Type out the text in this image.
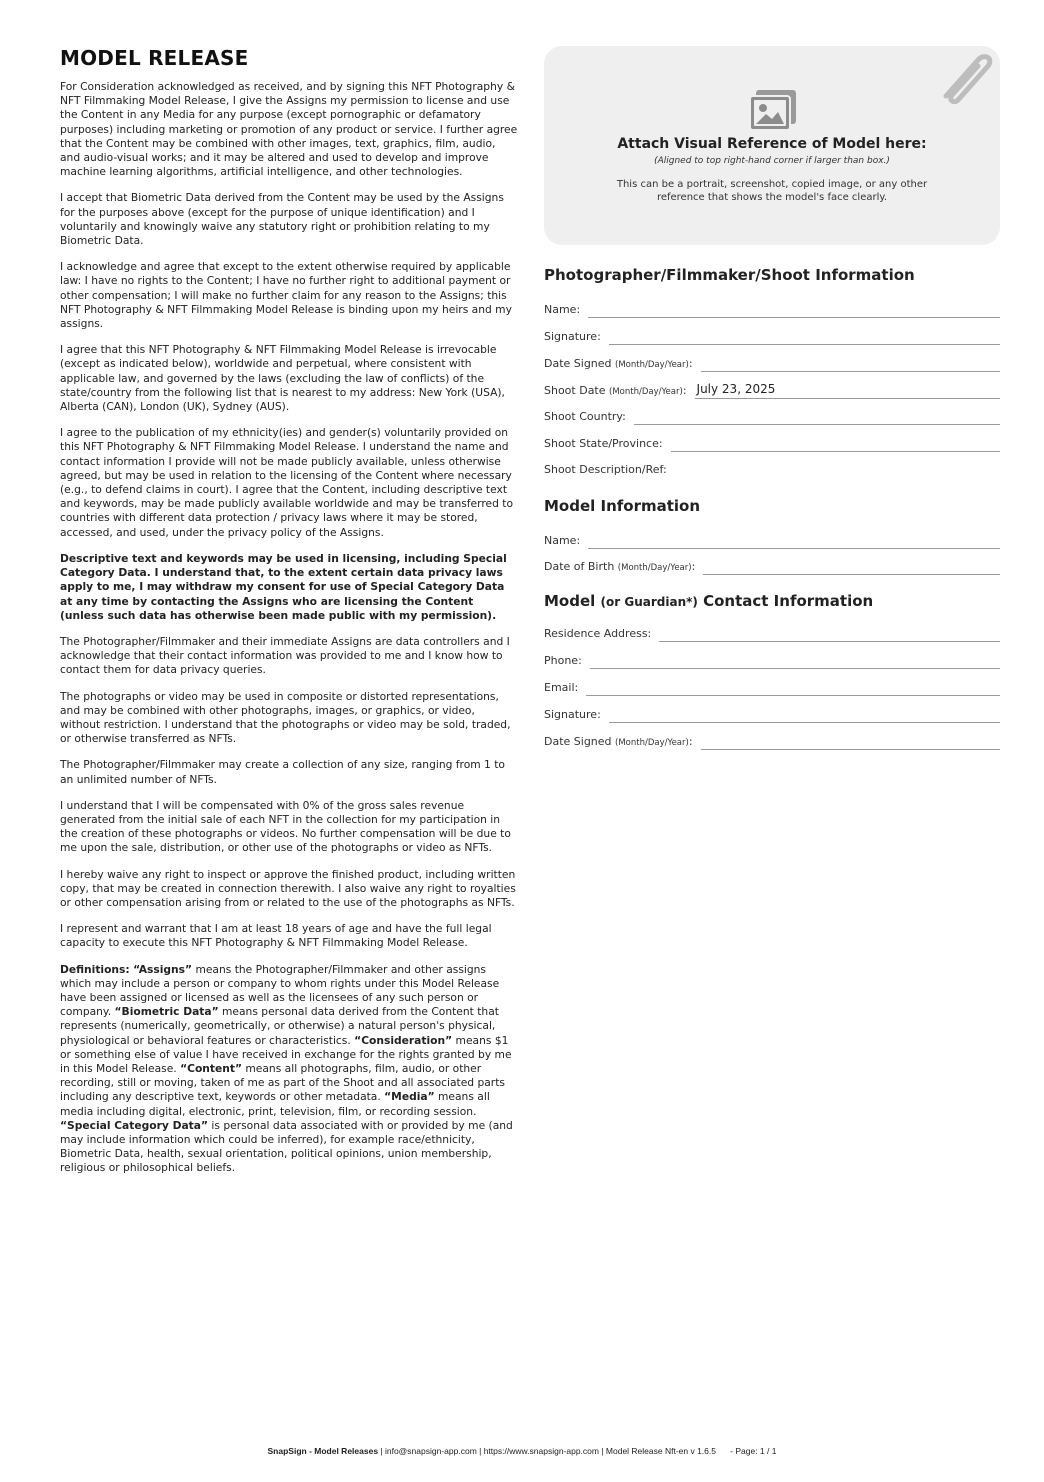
MODEL RELEASE

For Consideration acknowledged as received, and by signing this NFT Photography & NFT Filmmaking Model Release, I give the Assigns my permission to license and use the Content in any Media for any purpose (except pornographic or defamatory purposes) including marketing or promotion of any product or service. I further agree that the Content may be combined with other images, text, graphics, film, audio, and audio-visual works; and it may be altered and used to develop and improve machine learning algorithms, artificial intelligence, and other technologies.

I accept that Biometric Data derived from the Content may be used by the Assigns for the purposes above (except for the purpose of unique identification) and I voluntarily and knowingly waive any statutory right or prohibition relating to my Biometric Data.

I acknowledge and agree that except to the extent otherwise required by applicable law: I have no rights to the Content; I have no further right to additional payment or other compensation; I will make no further claim for any reason to the Assigns; this NFT Photography & NFT Filmmaking Model Release is binding upon my heirs and my assigns.

I agree that this NFT Photography & NFT Filmmaking Model Release is irrevocable (except as indicated below), worldwide and perpetual, where consistent with applicable law, and governed by the laws (excluding the law of conflicts) of the state/country from the following list that is nearest to my address: New York (USA), Alberta (CAN), London (UK), Sydney (AUS).

I agree to the publication of my ethnicity(ies) and gender(s) voluntarily provided on this NFT Photography & NFT Filmmaking Model Release. I understand the name and contact information I provide will not be made publicly available, unless otherwise agreed, but may be used in relation to the licensing of the Content where necessary (e.g., to defend claims in court). I agree that the Content, including descriptive text and keywords, may be made publicly available worldwide and may be transferred to countries with different data protection / privacy laws where it may be stored, accessed, and used, under the privacy policy of the Assigns.

Descriptive text and keywords may be used in licensing, including Special Category Data. I understand that, to the extent certain data privacy laws apply to me, I may withdraw my consent for use of Special Category Data at any time by contacting the Assigns who are licensing the Content (unless such data has otherwise been made public with my permission).

The Photographer/Filmmaker and their immediate Assigns are data controllers and I acknowledge that their contact information was provided to me and I know how to contact them for data privacy queries.

The photographs or video may be used in composite or distorted representations, and may be combined with other photographs, images, or graphics, or video, without restriction. I understand that the photographs or video may be sold, traded, or otherwise transferred as NFTs.

The Photographer/Filmmaker may create a collection of any size, ranging from 1 to an unlimited number of NFTs.

I understand that I will be compensated with 0% of the gross sales revenue generated from the initial sale of each NFT in the collection for my participation in the creation of these photographs or videos. No further compensation will be due to me upon the sale, distribution, or other use of the photographs or video as NFTs.

I hereby waive any right to inspect or approve the finished product, including written copy, that may be created in connection therewith. I also waive any right to royalties or other compensation arising from or related to the use of the photographs as NFTs.

I represent and warrant that I am at least 18 years of age and have the full legal capacity to execute this NFT Photography & NFT Filmmaking Model Release.

Definitions: “Assigns” means the Photographer/Filmmaker and other assigns which may include a person or company to whom rights under this Model Release have been assigned or licensed as well as the licensees of any such person or company. “Biometric Data” means personal data derived from the Content that represents (numerically, geometrically, or otherwise) a natural person's physical, physiological or behavioral features or characteristics. “Consideration” means $1 or something else of value I have received in exchange for the rights granted by me in this Model Release. “Content” means all photographs, film, audio, or other recording, still or moving, taken of me as part of the Shoot and all associated parts including any descriptive text, keywords or other metadata. “Media” means all media including digital, electronic, print, television, film, or recording session. “Special Category Data” is personal data associated with or provided by me (and may include information which could be inferred), for example race/ethnicity, Biometric Data, health, sexual orientation, political opinions, union membership, religious or philosophical beliefs.

Attach Visual Reference of Model here:
(Aligned to top right-hand corner if larger than box.)
This can be a portrait, screenshot, copied image, or any other reference that shows the model's face clearly.
Photographer/Filmmaker/Shoot Information
Name:
Signature:
Date Signed (Month/Day/Year):
Shoot Date (Month/Day/Year): July 23, 2025
Shoot Country:
Shoot State/Province:
Shoot Description/Ref:
Model Information
Name:
Date of Birth (Month/Day/Year):
Model (or Guardian*) Contact Information
Residence Address:
Phone:
Email:
Signature:
Date Signed (Month/Day/Year):
SnapSign - Model Releases | info@snapsign-app.com | https://www.snapsign-app.com | Model Release Nft-en v 1.6.5      - Page: 1 / 1
